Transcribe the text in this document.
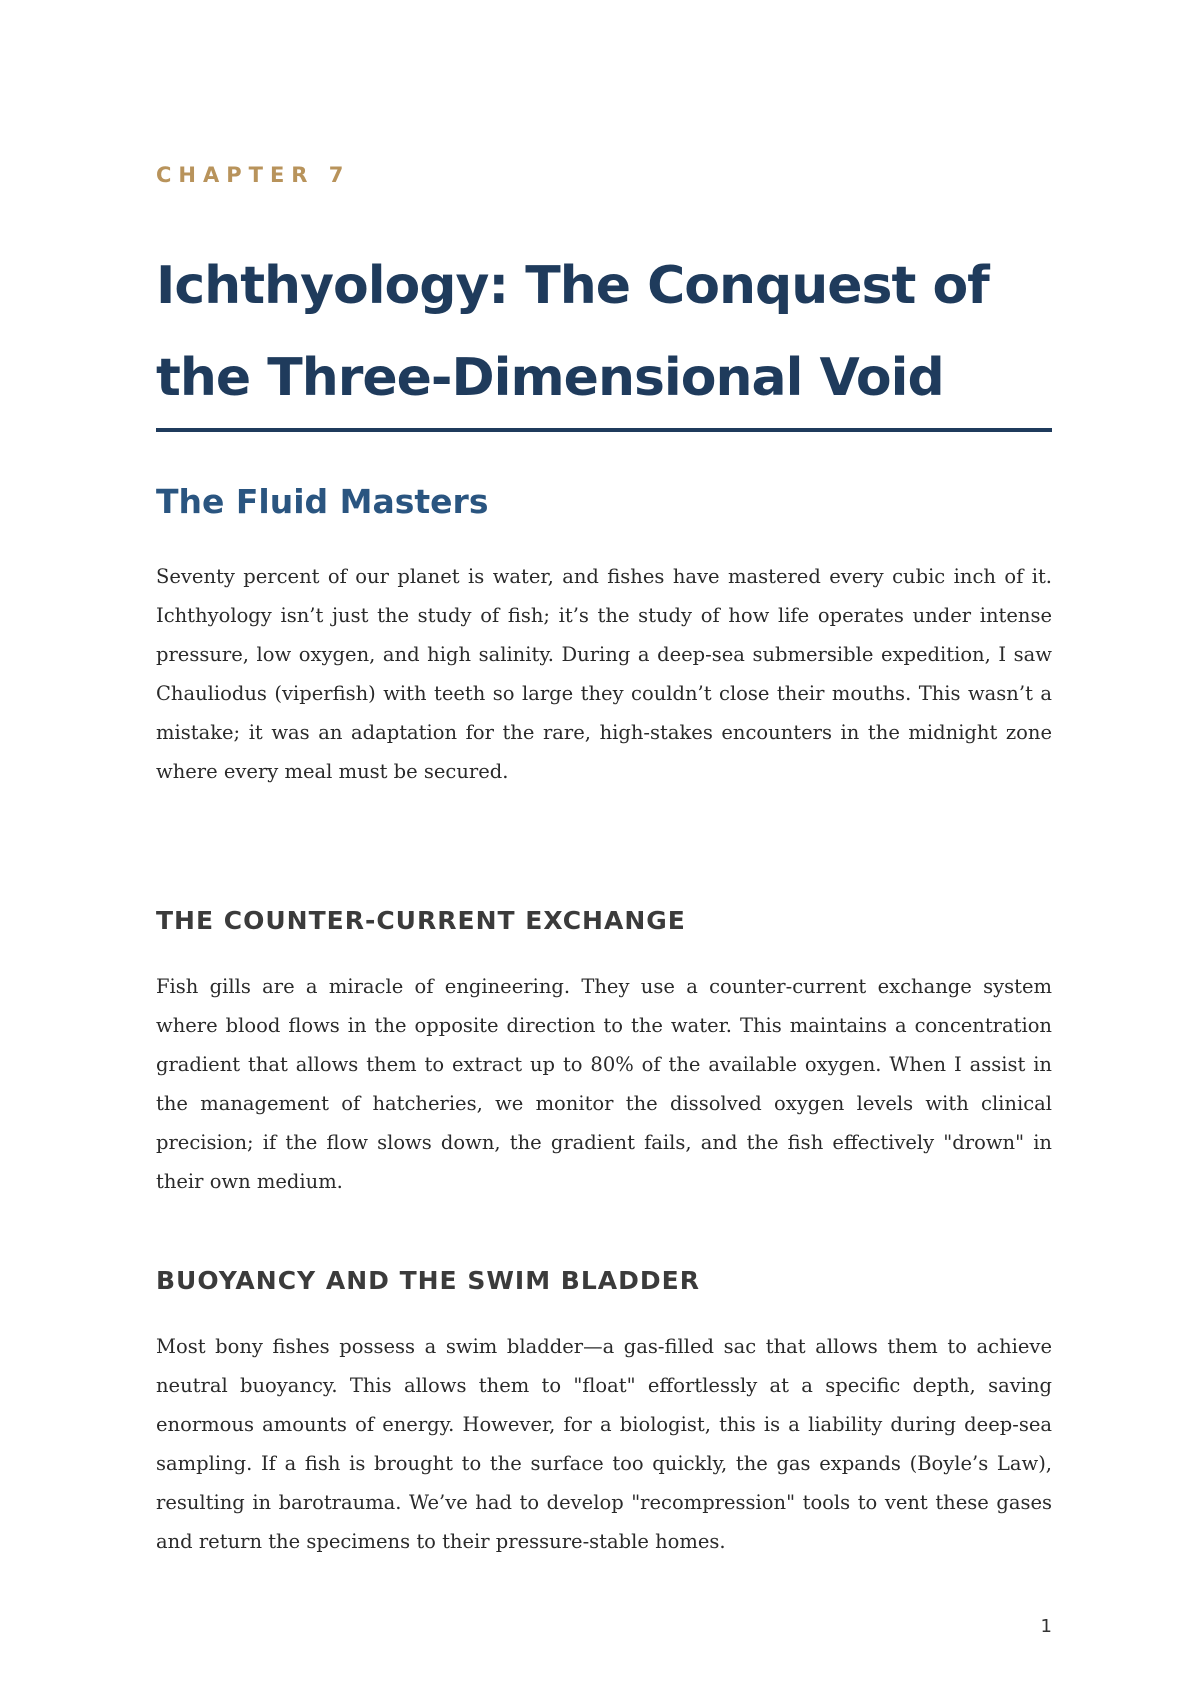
CHAPTER 7
Ichthyology: The Conquest of the Three-Dimensional Void
The Fluid Masters

Seventy percent of our planet is water, and fishes have mastered every cubic inch of it. Ichthyology isn’t just the study of fish; it’s the study of how life operates under intense pressure, low oxygen, and high salinity. During a deep-sea submersible expedition, I saw Chauliodus (viperfish) with teeth so large they couldn’t close their mouths. This wasn’t a mistake; it was an adaptation for the rare, high-stakes encounters in the midnight zone where every meal must be secured.

THE COUNTER-CURRENT EXCHANGE

Fish gills are a miracle of engineering. They use a counter-current exchange system where blood flows in the opposite direction to the water. This maintains a concentration gradient that allows them to extract up to 80% of the available oxygen. When I assist in the management of hatcheries, we monitor the dissolved oxygen levels with clinical precision; if the flow slows down, the gradient fails, and the fish effectively "drown" in their own medium.

BUOYANCY AND THE SWIM BLADDER

Most bony fishes possess a swim bladder—a gas-filled sac that allows them to achieve neutral buoyancy. This allows them to "float" effortlessly at a specific depth, saving enormous amounts of energy. However, for a biologist, this is a liability during deep-sea sampling. If a fish is brought to the surface too quickly, the gas expands (Boyle’s Law), resulting in barotrauma. We’ve had to develop "recompression" tools to vent these gases and return the specimens to their pressure-stable homes.

1
